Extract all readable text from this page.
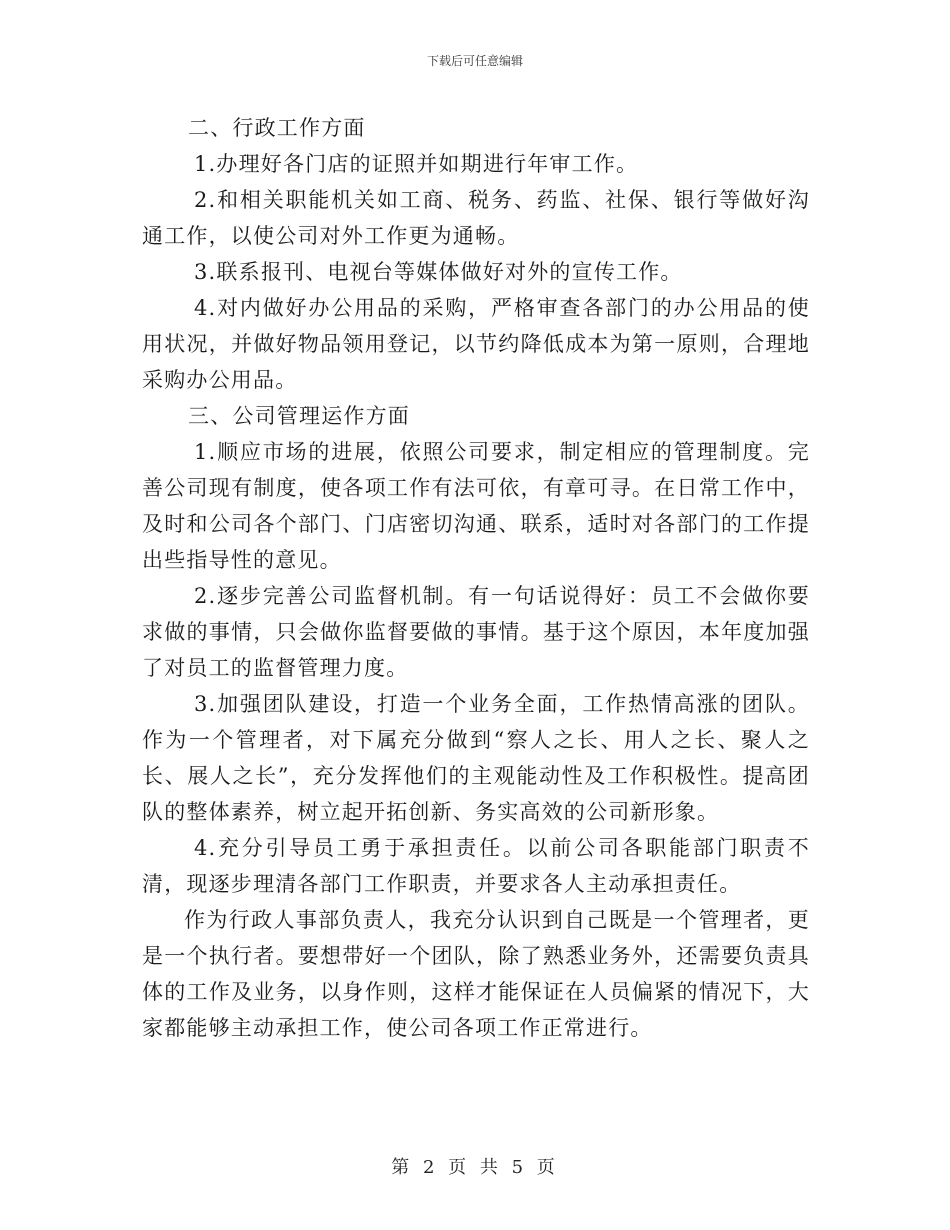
下载后可任意编辑

二、行政工作方面

1.办理好各门店的证照并如期进行年审工作。

2.和相关职能机关如工商、税务、药监、社保、银行等做好沟通工作，以使公司对外工作更为通畅。

3.联系报刊、电视台等媒体做好对外的宣传工作。

4.对内做好办公用品的采购，严格审查各部门的办公用品的使用状况，并做好物品领用登记，以节约降低成本为第一原则，合理地采购办公用品。

三、公司管理运作方面

1.顺应市场的进展，依照公司要求，制定相应的管理制度。完善公司现有制度，使各项工作有法可依，有章可寻。在日常工作中，及时和公司各个部门、门店密切沟通、联系，适时对各部门的工作提出些指导性的意见。

2.逐步完善公司监督机制。有一句话说得好：员工不会做你要求做的事情，只会做你监督要做的事情。基于这个原因，本年度加强了对员工的监督管理力度。

3.加强团队建设，打造一个业务全面，工作热情高涨的团队。作为一个管理者，对下属充分做到“察人之长、用人之长、聚人之长、展人之长”，充分发挥他们的主观能动性及工作积极性。提高团队的整体素养，树立起开拓创新、务实高效的公司新形象。

4.充分引导员工勇于承担责任。以前公司各职能部门职责不清，现逐步理清各部门工作职责，并要求各人主动承担责任。

作为行政人事部负责人，我充分认识到自己既是一个管理者，更是一个执行者。要想带好一个团队，除了熟悉业务外，还需要负责具体的工作及业务，以身作则，这样才能保证在人员偏紧的情况下，大家都能够主动承担工作，使公司各项工作正常进行。

第 2 页 共 5 页
